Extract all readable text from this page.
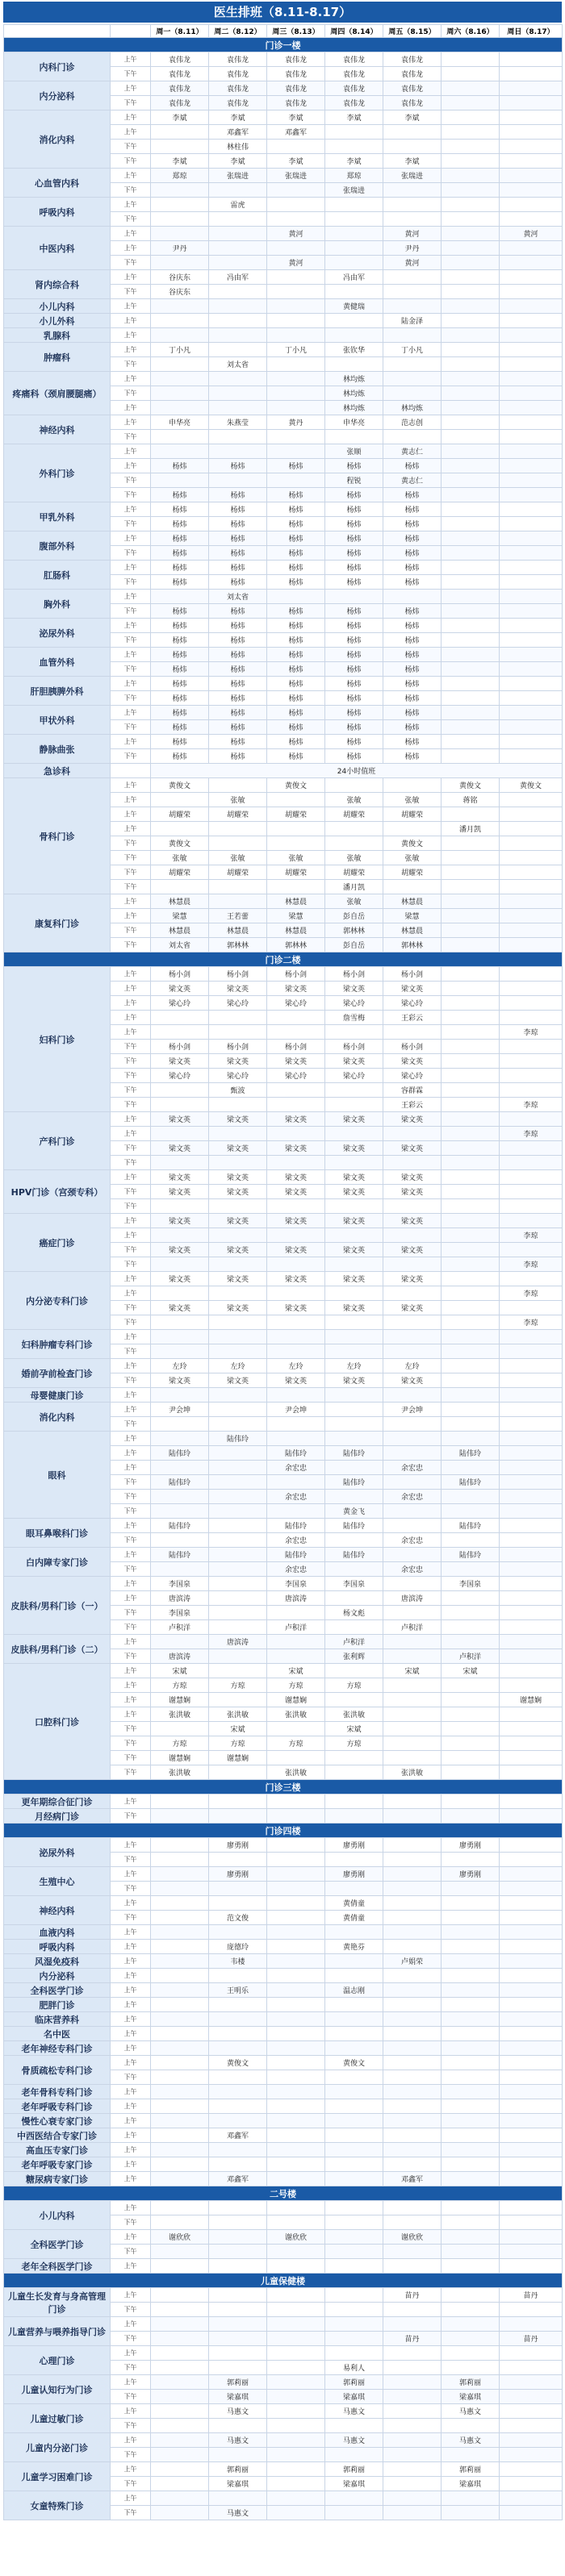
医生排班（8.11-8.17）
		周一（8.11）	周二（8.12）	周三（8.13）	周四（8.14）	周五（8.15）	周六（8.16）	周日（8.17）
门诊一楼								
内科门诊	上午	袁伟龙	袁伟龙	袁伟龙	袁伟龙	袁伟龙		
	下午	袁伟龙	袁伟龙	袁伟龙	袁伟龙	袁伟龙		
内分泌科	上午	袁伟龙	袁伟龙	袁伟龙	袁伟龙	袁伟龙		
	下午	袁伟龙	袁伟龙	袁伟龙	袁伟龙	袁伟龙		
消化内科	上午	李斌	李斌	李斌	李斌	李斌		
	上午		邓鑫军	邓鑫军				
	下午		林柱伟					
	下午	李斌	李斌	李斌	李斌	李斌		
心血管内科	上午	郑琼	张瑞进	张瑞进	郑琼	张瑞进		
	下午				张瑞进			
呼吸内科	上午		雷虎					
	下午							
中医内科	上午			黄河		黄河		黄河
	上午	尹丹				尹丹		
	下午			黄河		黄河		
肾内综合科	上午	谷庆东	冯由军		冯由军			
	下午	谷庆东						
小儿内科	上午				黄健瑞			
小儿外科	上午					陆金泽		
乳腺科	上午							
肿瘤科	上午	丁小凡		丁小凡	张钦华	丁小凡		
	下午		刘太省					
疼痛科（颈肩腰腿痛）	上午				林均炼			
	下午				林均炼			
	上午				林均炼	林均炼		
神经内科	上午	申华亮	朱燕莹	黄丹	申华亮	范志创		
	下午							
外科门诊	上午				张顺	黄志仁		
	上午	杨炜	杨炜	杨炜	杨炜	杨炜		
	下午				程锐	黄志仁		
	下午	杨炜	杨炜	杨炜	杨炜	杨炜		
甲乳外科	上午	杨炜	杨炜	杨炜	杨炜	杨炜		
	下午	杨炜	杨炜	杨炜	杨炜	杨炜		
腹部外科	上午	杨炜	杨炜	杨炜	杨炜	杨炜		
	下午	杨炜	杨炜	杨炜	杨炜	杨炜		
肛肠科	上午	杨炜	杨炜	杨炜	杨炜	杨炜		
	下午	杨炜	杨炜	杨炜	杨炜	杨炜		
胸外科	上午		刘太省					
	下午	杨炜	杨炜	杨炜	杨炜	杨炜		
泌尿外科	上午	杨炜	杨炜	杨炜	杨炜	杨炜		
	下午	杨炜	杨炜	杨炜	杨炜	杨炜		
血管外科	上午	杨炜	杨炜	杨炜	杨炜	杨炜		
	下午	杨炜	杨炜	杨炜	杨炜	杨炜		
肝胆胰脾外科	上午	杨炜	杨炜	杨炜	杨炜	杨炜		
	下午	杨炜	杨炜	杨炜	杨炜	杨炜		
甲状外科	上午	杨炜	杨炜	杨炜	杨炜	杨炜		
	下午	杨炜	杨炜	杨炜	杨炜	杨炜		
静脉曲张	上午	杨炜	杨炜	杨炜	杨炜	杨炜		
	下午	杨炜	杨炜	杨炜	杨炜	杨炜		
急诊科		24小时值班						
骨科门诊	上午	黄俊文		黄俊文			黄俊文	黄俊文
	上午		张敏		张敏	张敏	蒋铭	
	上午	胡耀荣	胡耀荣	胡耀荣	胡耀荣	胡耀荣		
	上午						潘月凯	
	下午	黄俊文				黄俊文		
	下午	张敏	张敏	张敏	张敏	张敏		
	下午	胡耀荣	胡耀荣	胡耀荣	胡耀荣	胡耀荣		
	下午				潘月凯			
康复科门诊	上午	林慧晨		林慧晨	张敏	林慧晨		
	上午	梁慧	王若蕾	梁慧	彭自岳	梁慧		
	下午	林慧晨	林慧晨	林慧晨	郭林林	林慧晨		
	下午	刘太省	郭林林	郭林林	彭自岳	郭林林		
门诊二楼								
妇科门诊	上午	杨小剑	杨小剑	杨小剑	杨小剑	杨小剑		
	上午	梁文英	梁文英	梁文英	梁文英	梁文英		
	上午	梁心玲	梁心玲	梁心玲	梁心玲	梁心玲		
	上午				詹雪梅	王彩云		
	上午							李琼
	下午	杨小剑	杨小剑	杨小剑	杨小剑	杨小剑		
	下午	梁文英	梁文英	梁文英	梁文英	梁文英		
	下午	梁心玲	梁心玲	梁心玲	梁心玲	梁心玲		
	下午		甄波			容群霖		
	下午					王彩云		李琼
产科门诊	上午	梁文英	梁文英	梁文英	梁文英	梁文英		
	上午							李琼
	下午	梁文英	梁文英	梁文英	梁文英	梁文英		
	下午							
HPV门诊（宫颈专科）	上午	梁文英	梁文英	梁文英	梁文英	梁文英		
	下午	梁文英	梁文英	梁文英	梁文英	梁文英		
	下午							
癌症门诊	上午	梁文英	梁文英	梁文英	梁文英	梁文英		
	上午							李琼
	下午	梁文英	梁文英	梁文英	梁文英	梁文英		
	下午							李琼
内分泌专科门诊	上午	梁文英	梁文英	梁文英	梁文英	梁文英		
	上午							李琼
	下午	梁文英	梁文英	梁文英	梁文英	梁文英		
	下午							李琼
妇科肿瘤专科门诊	上午							
	下午							
婚前孕前检查门诊	上午	左玲	左玲	左玲	左玲	左玲		
	下午	梁文英	梁文英	梁文英	梁文英	梁文英		
母婴健康门诊	上午							
消化内科	上午	尹会坤		尹会坤		尹会坤		
	下午							
眼科	上午		陆伟玲					
	上午	陆伟玲		陆伟玲	陆伟玲		陆伟玲	
	上午			余宏忠		余宏忠		
	下午	陆伟玲			陆伟玲		陆伟玲	
	下午			余宏忠		余宏忠		
	下午				黄金飞			
眼耳鼻喉科门诊	上午	陆伟玲		陆伟玲	陆伟玲		陆伟玲	
	下午			余宏忠		余宏忠		
白内障专家门诊	上午	陆伟玲		陆伟玲	陆伟玲		陆伟玲	
	下午			余宏忠		余宏忠		
皮肤科/男科门诊（一）	上午	李国泉		李国泉	李国泉		李国泉	
	上午	唐滨涛		唐滨涛		唐滨涛		
	下午	李国泉			杨文彪			
	下午	卢积洋		卢积洋		卢积洋		
皮肤科/男科门诊（二）	上午		唐滨涛		卢积洋			
	下午	唐滨涛			张利辉		卢积洋	
口腔科门诊	上午	宋斌		宋斌		宋斌	宋斌	
	上午	方琼	方琼	方琼	方琼			
	上午	谢慧娴		谢慧娴				谢慧娴
	上午	张洪敏	张洪敏	张洪敏	张洪敏			
	下午		宋斌		宋斌			
	下午	方琼	方琼	方琼	方琼			
	下午	谢慧娴	谢慧娴					
	下午	张洪敏		张洪敏		张洪敏		
门诊三楼								
更年期综合征门诊	上午							
月经病门诊	下午							
门诊四楼								
泌尿外科	上午		廖勇刚		廖勇刚		廖勇刚	
	下午							
生殖中心	上午		廖勇刚		廖勇刚		廖勇刚	
	下午							
神经内科	上午				黄倩童			
	下午		范文俊		黄倩童			
血液内科	上午							
呼吸内科	上午		庞德玲		黄艳芬			
风湿免疫科	上午		韦楼			卢娟荣		
内分泌科	上午							
全科医学门诊	上午		王明乐		温志刚			
肥胖门诊	上午							
临床营养科	上午							
名中医	上午							
老年神经专科门诊	上午							
骨质疏松专科门诊	上午		黄俊文		黄俊文			
	下午							
老年骨科专科门诊	上午							
老年呼吸专科门诊	上午							
慢性心衰专家门诊	上午							
中西医结合专家门诊	上午		邓鑫军					
高血压专家门诊	上午							
老年呼吸专家门诊	上午							
糖尿病专家门诊	上午		邓鑫军			邓鑫军		
二号楼								
小儿内科	上午							
	下午							
全科医学门诊	上午	谢欣欣		谢欣欣		谢欣欣		
	下午							
老年全科医学门诊	上午							
儿童保健楼								
儿童生长发育与身高管理门诊	上午					苗丹		苗丹
	下午							
儿童营养与喂养指导门诊	上午							
	下午					苗丹		苗丹
心理门诊	上午							
	下午				易利人			
儿童认知行为门诊	上午		郭莉丽		郭莉丽		郭莉丽	
	下午		梁嘉琪		梁嘉琪		梁嘉琪	
儿童过敏门诊	上午		马惠文		马惠文		马惠文	
	下午							
儿童内分泌门诊	上午		马惠文		马惠文		马惠文	
	下午							
儿童学习困难门诊	上午		郭莉丽		郭莉丽		郭莉丽	
	下午		梁嘉琪		梁嘉琪		梁嘉琪	
女童特殊门诊	上午							
	下午		马惠文					
